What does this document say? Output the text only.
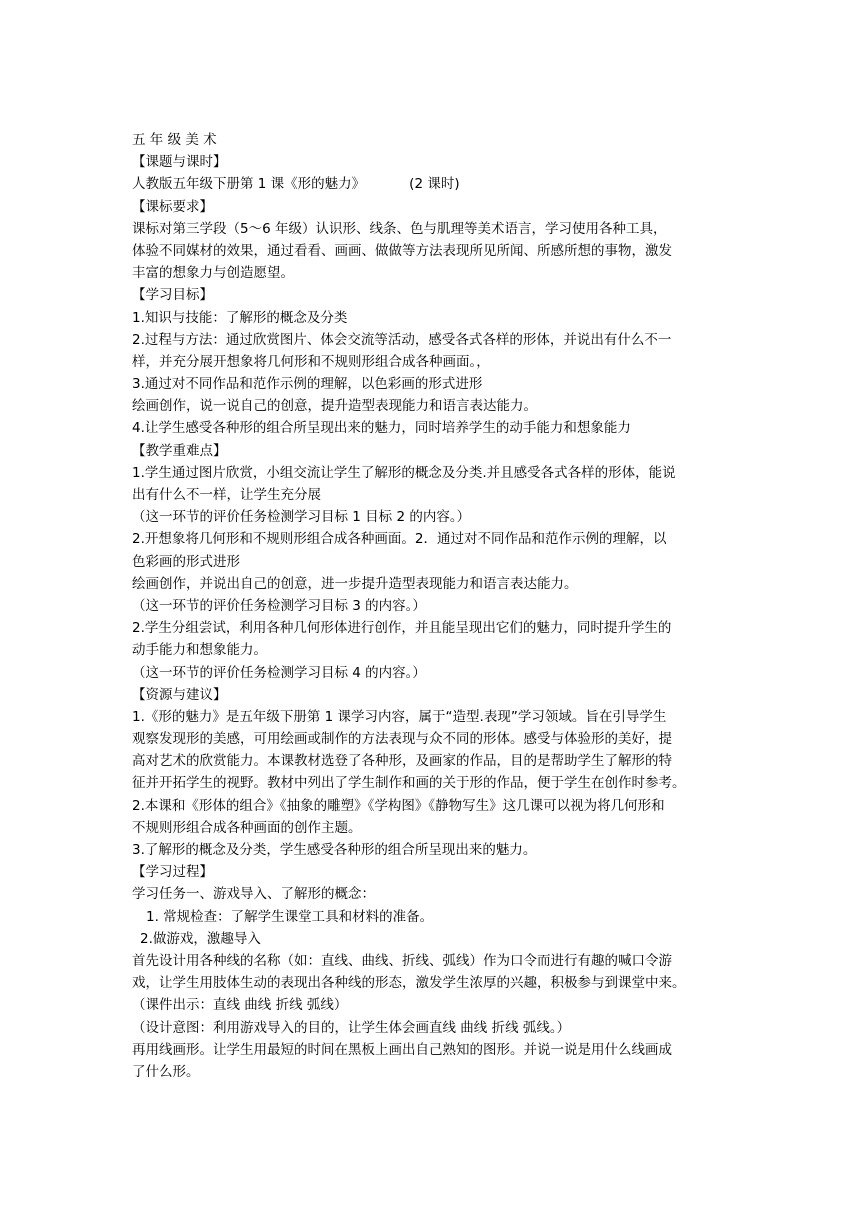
五 年 级 美 术
【课题与课时】
人教版五年级下册第 1 课《形的魅力》	(2 课时)
【课标要求】
课标对第三学段（5～6 年级）认识形、线条、色与肌理等美术语言，学习使用各种工具，
体验不同媒材的效果，通过看看、画画、做做等方法表现所见所闻、所感所想的事物，激发
丰富的想象力与创造愿望。
【学习目标】
1.知识与技能：了解形的概念及分类
2.过程与方法：通过欣赏图片、体会交流等活动，感受各式各样的形体，并说出有什么不一
样，并充分展开想象将几何形和不规则形组合成各种画面。，
3.通过对不同作品和范作示例的理解，以色彩画的形式进形
绘画创作，说一说自己的创意，提升造型表现能力和语言表达能力。
4.让学生感受各种形的组合所呈现出来的魅力，同时培养学生的动手能力和想象能力
【教学重难点】
1.学生通过图片欣赏，小组交流让学生了解形的概念及分类.并且感受各式各样的形体，能说
出有什么不一样，让学生充分展
（这一环节的评价任务检测学习目标 1 目标 2 的内容。）
2.开想象将几何形和不规则形组合成各种画面。2．通过对不同作品和范作示例的理解，以
色彩画的形式进形
绘画创作，并说出自己的创意，进一步提升造型表现能力和语言表达能力。
（这一环节的评价任务检测学习目标 3 的内容。）
2.学生分组尝试，利用各种几何形体进行创作，并且能呈现出它们的魅力，同时提升学生的
动手能力和想象能力。
（这一环节的评价任务检测学习目标 4 的内容。）
【资源与建议】
1.《形的魅力》是五年级下册第 1 课学习内容，属于“造型.表现”学习领域。旨在引导学生
观察发现形的美感，可用绘画或制作的方法表现与众不同的形体。感受与体验形的美好，提
高对艺术的欣赏能力。本课教材选登了各种形，及画家的作品，目的是帮助学生了解形的特
征并开拓学生的视野。教材中列出了学生制作和画的关于形的作品，便于学生在创作时参考。
2.本课和《形体的组合》《抽象的雕塑》《学构图》《静物写生》这几课可以视为将几何形和
不规则形组合成各种画面的创作主题。
3.了解形的概念及分类，学生感受各种形的组合所呈现出来的魅力。
【学习过程】
学习任务一、游戏导入、了解形的概念：
1. 常规检查：了解学生课堂工具和材料的准备。
2.做游戏，激趣导入
首先设计用各种线的名称（如：直线、曲线、折线、弧线）作为口令而进行有趣的喊口令游
戏，让学生用肢体生动的表现出各种线的形态，激发学生浓厚的兴趣，积极参与到课堂中来。
（课件出示：直线 曲线 折线 弧线）
（设计意图：利用游戏导入的目的，让学生体会画直线 曲线 折线 弧线。）
再用线画形。让学生用最短的时间在黑板上画出自己熟知的图形。并说一说是用什么线画成
了什么形。
